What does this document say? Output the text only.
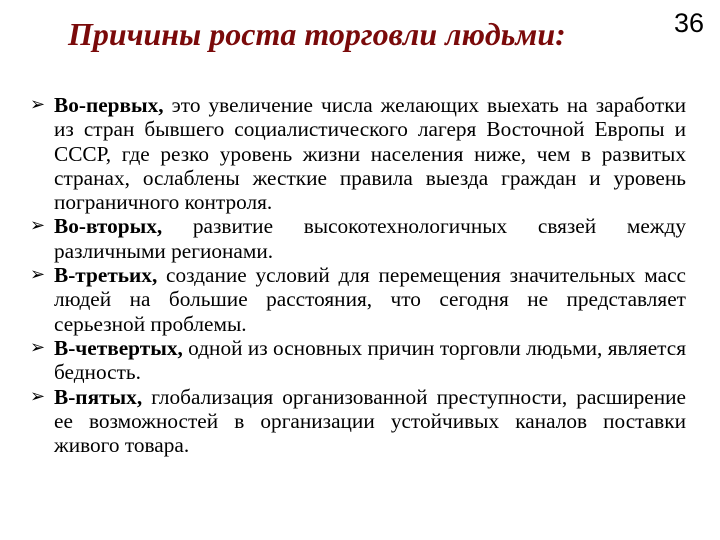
Причины роста торговли людьми:	36
➢ Во-первых, это увеличение числа желающих выехать на заработки из стран бывшего социалистического лагеря Восточной Европы и СССР, где резко уровень жизни населения ниже, чем в развитых странах, ослаблены жесткие правила выезда граждан и уровень пограничного контроля.
➢ Во-вторых, развитие высокотехнологичных связей между различными регионами.
➢ В-третьих, создание условий для перемещения значительных масс людей на большие расстояния, что сегодня не представляет серьезной проблемы.
➢ В-четвертых, одной из основных причин торговли людьми, является бедность.
➢ В-пятых, глобализация организованной преступности, расширение ее возможностей в организации устойчивых каналов поставки живого товара.
